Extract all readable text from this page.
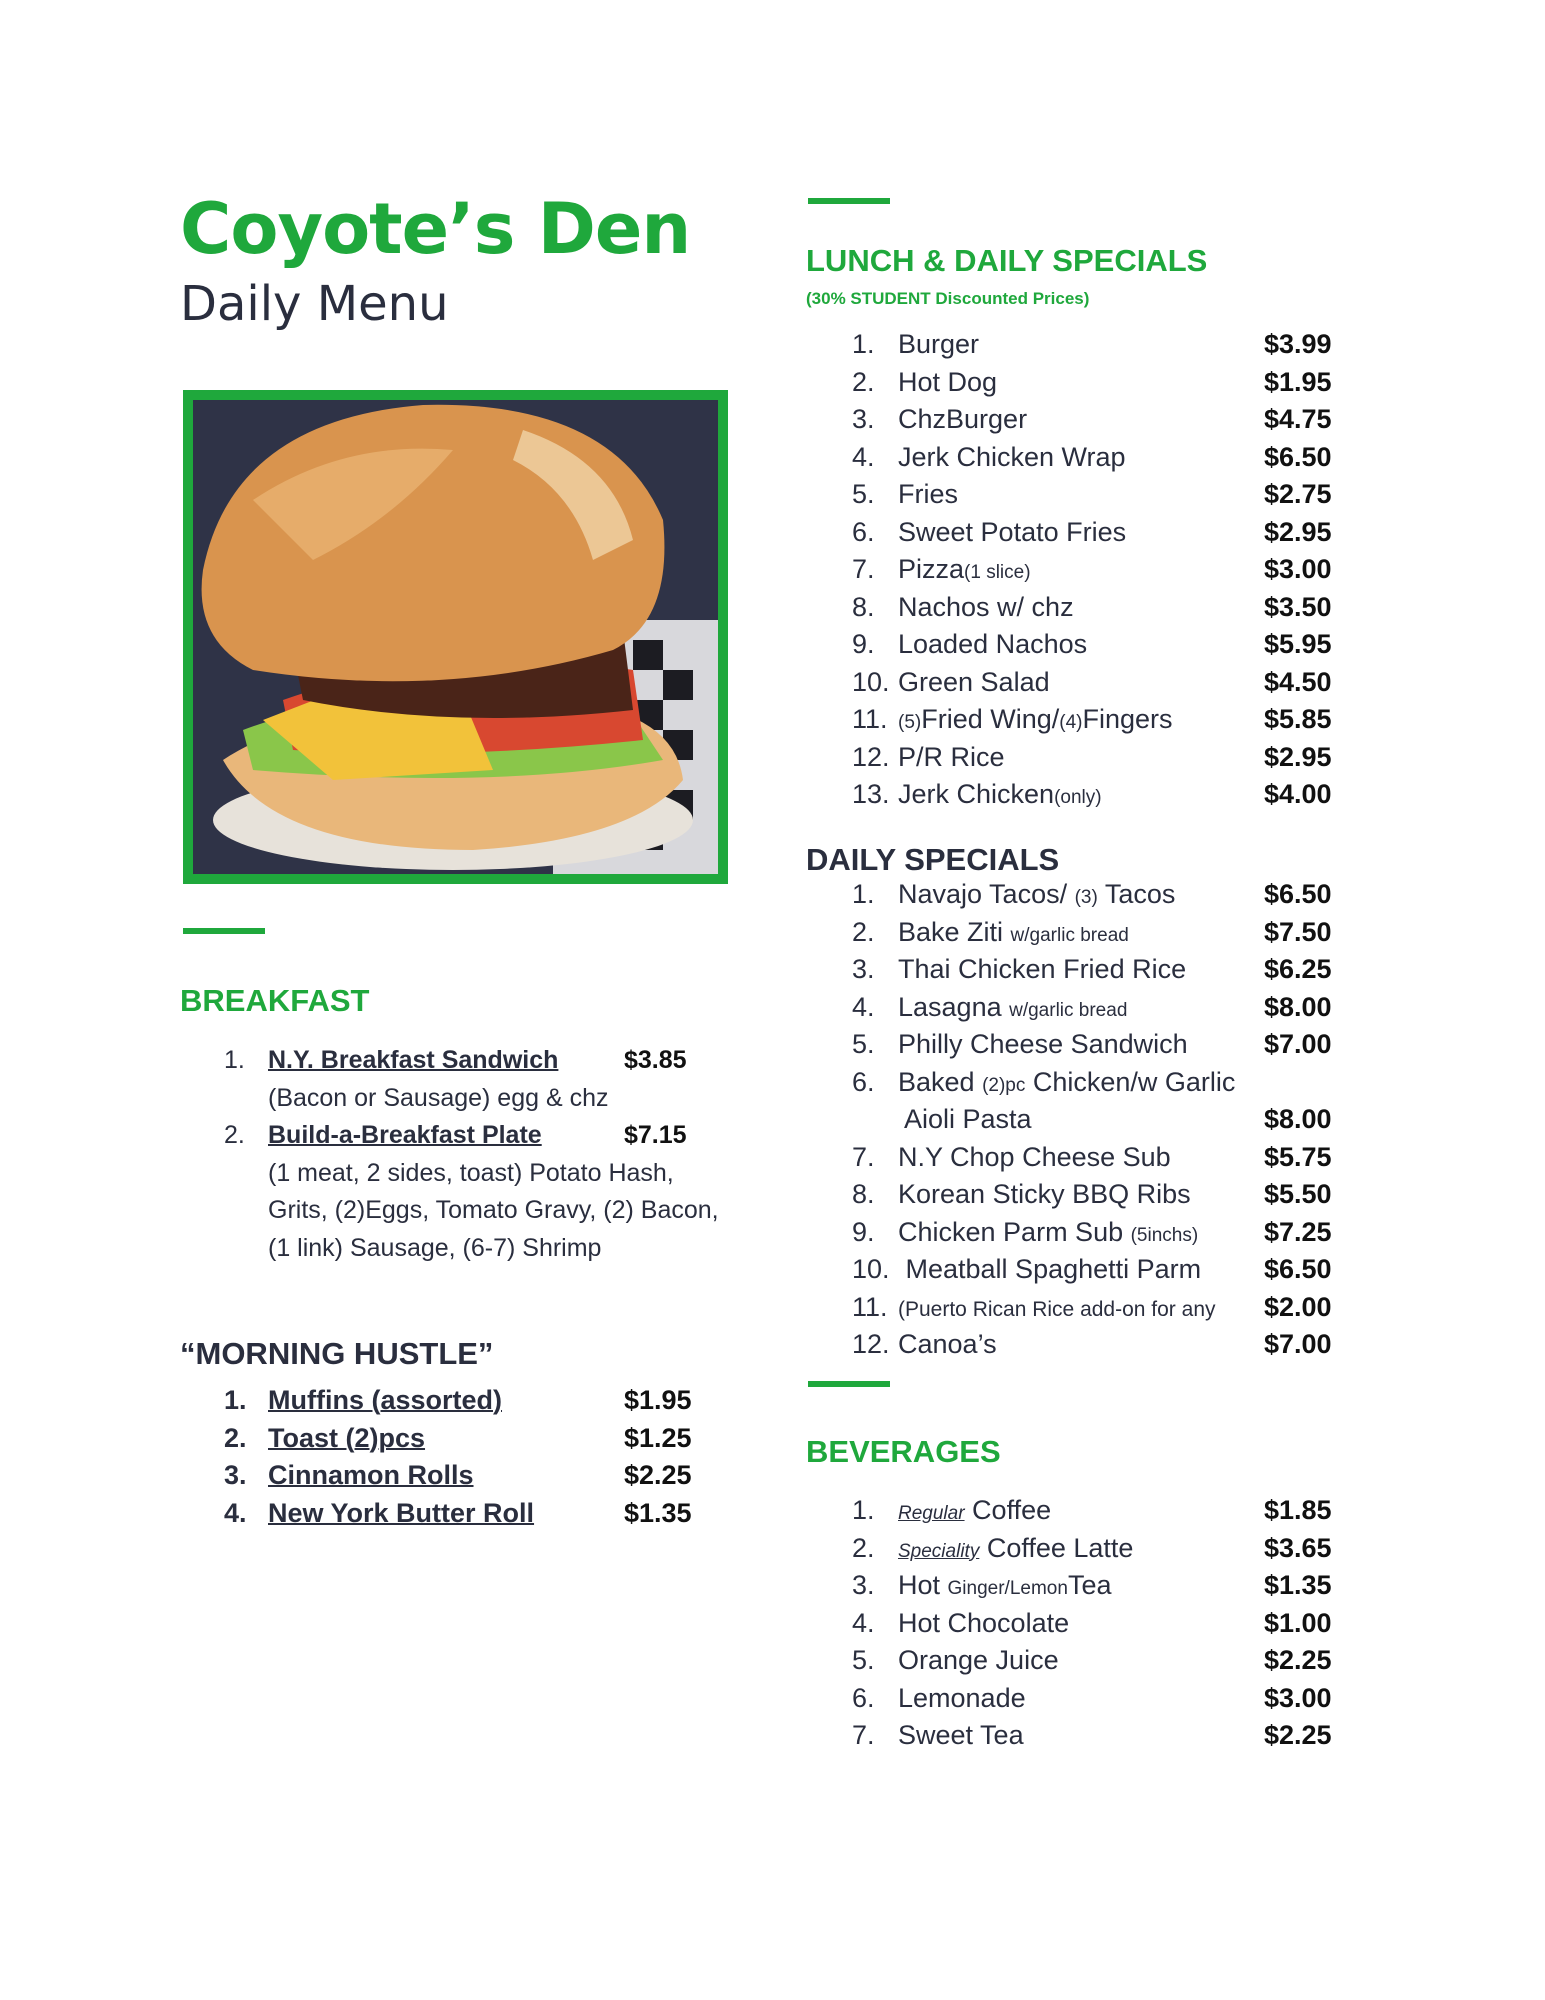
Coyote’s Den
Daily Menu
BREAKFAST
1. N.Y. Breakfast Sandwich	$3.85
(Bacon or Sausage) egg & chz
2. Build-a-Breakfast Plate	$7.15
(1 meat, 2 sides, toast) Potato Hash, Grits, (2)Eggs, Tomato Gravy, (2) Bacon, (1 link) Sausage, (6-7) Shrimp
“MORNING HUSTLE”
1. Muffins (assorted)	$1.95
2. Toast (2)pcs	$1.25
3. Cinnamon Rolls	$2.25
4. New York Butter Roll	$1.35
LUNCH & DAILY SPECIALS
(30% STUDENT Discounted Prices)
1. Burger	$3.99
2. Hot Dog	$1.95
3. ChzBurger	$4.75
4. Jerk Chicken Wrap	$6.50
5. Fries	$2.75
6. Sweet Potato Fries	$2.95
7. Pizza(1 slice)	$3.00
8. Nachos w/ chz	$3.50
9. Loaded Nachos	$5.95
10. Green Salad	$4.50
11. (5)Fried Wing/(4)Fingers	$5.85
12. P/R Rice	$2.95
13. Jerk Chicken(only)	$4.00
DAILY SPECIALS
1. Navajo Tacos/ (3) Tacos	$6.50
2. Bake Ziti w/garlic bread	$7.50
3. Thai Chicken Fried Rice	$6.25
4. Lasagna w/garlic bread	$8.00
5. Philly Cheese Sandwich	$7.00
6. Baked (2)pc Chicken/w Garlic
Aioli Pasta	$8.00
7. N.Y Chop Cheese Sub	$5.75
8. Korean Sticky BBQ Ribs	$5.50
9. Chicken Parm Sub (5inchs) $7.25
10. Meatball Spaghetti Parm $6.50
11. (Puerto Rican Rice add-on for any $2.00
12. Canoa’s	$7.00
BEVERAGES
1.	Regular Coffee	$1.85
2.	Speciality Coffee Latte	$3.65
3. Hot Ginger/LemonTea	$1.35
4. Hot Chocolate	$1.00
5. Orange Juice	$2.25
6. Lemonade	$3.00
7. Sweet Tea	$2.25
